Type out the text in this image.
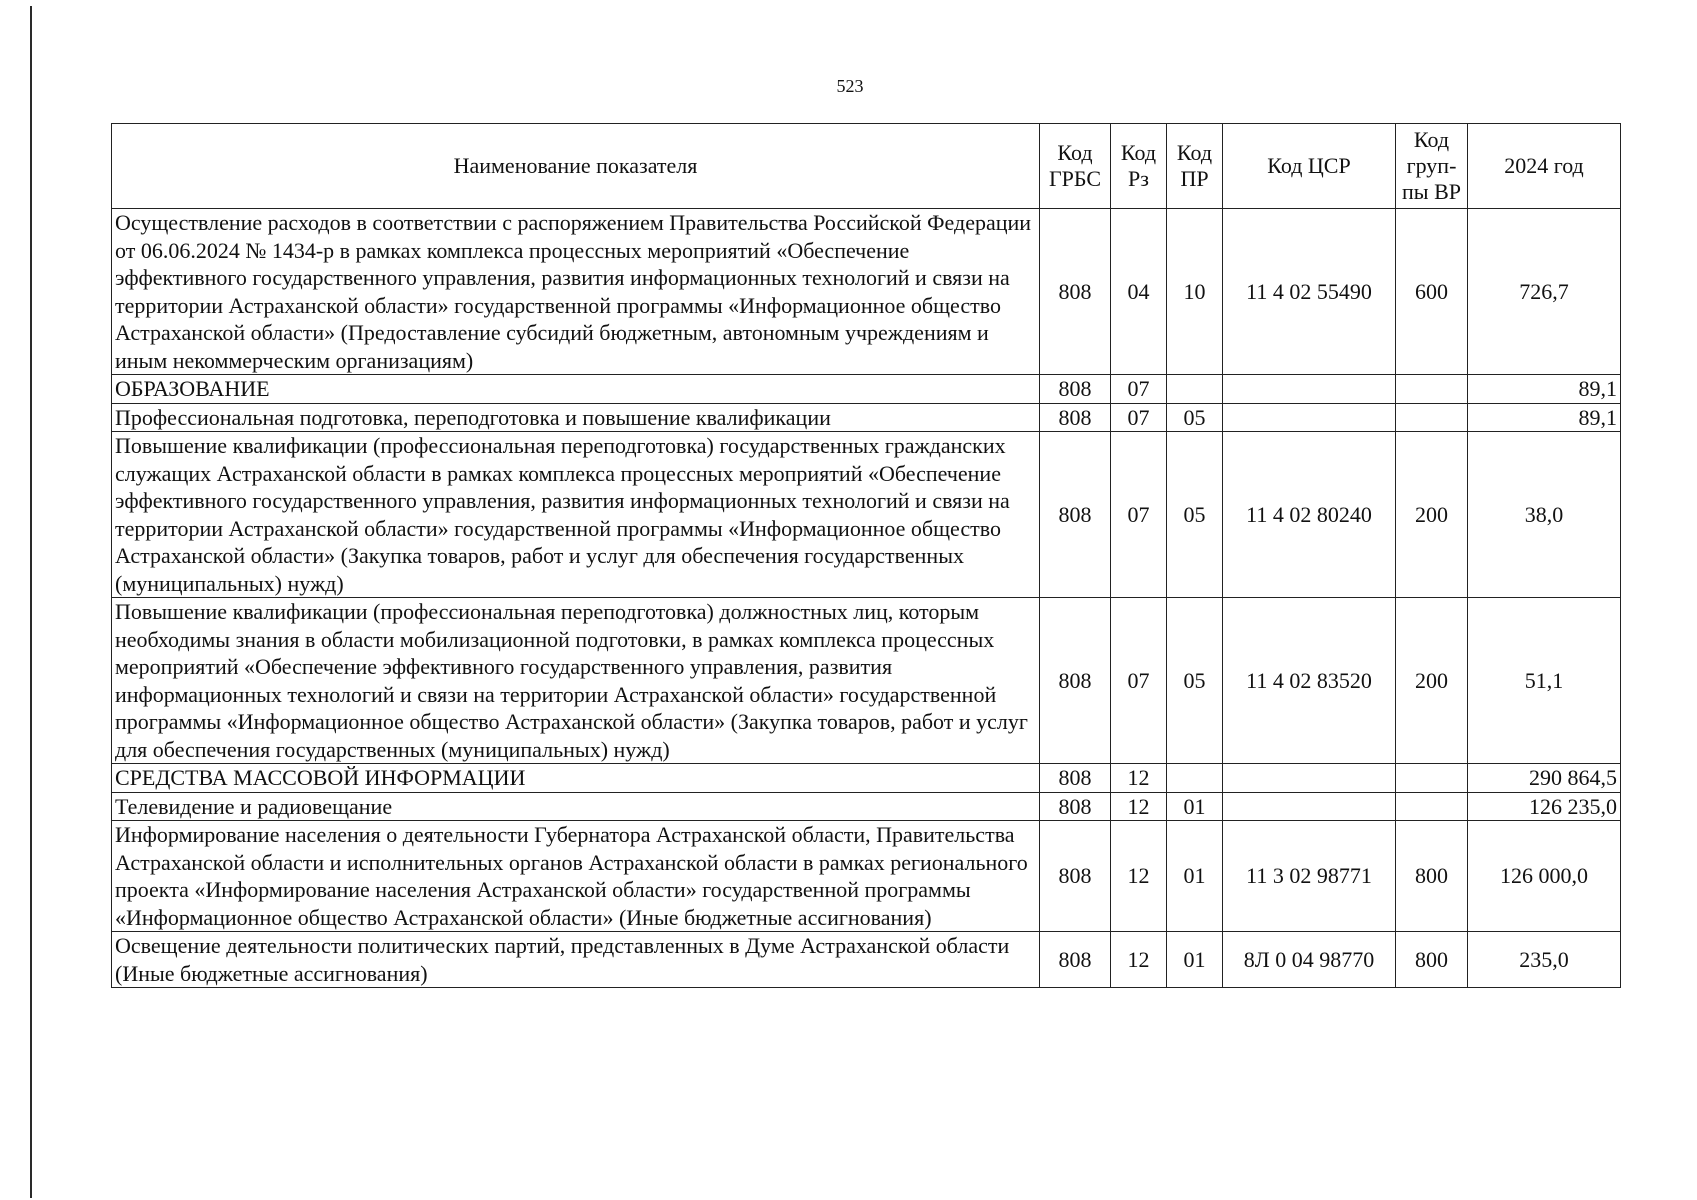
523
Наименование показателя	Код ГРБС	Код Рз	Код ПР	Код ЦСР	Код груп-пы ВР	2024 год
Осуществление расходов в соответствии с распоряжением Правительства Российской Федерации от 06.06.2024 № 1434-р в рамках комплекса процессных мероприятий «Обеспечение эффективного государственного управления, развития информационных технологий и связи на территории Астраханской области» государственной программы «Информационное общество Астраханской области» (Предоставление субсидий бюджетным, автономным учреждениям и иным некоммерческим организациям)	808	04	10	11 4 02 55490	600	726,7
ОБРАЗОВАНИЕ	808	07				89,1
Профессиональная подготовка, переподготовка и повышение квалификации	808	07	05			89,1
Повышение квалификации (профессиональная переподготовка) государственных гражданских служащих Астраханской области в рамках комплекса процессных мероприятий «Обеспечение эффективного государственного управления, развития информационных технологий и связи на территории Астраханской области» государственной программы «Информационное общество Астраханской области» (Закупка товаров, работ и услуг для обеспечения государственных (муниципальных) нужд)	808	07	05	11 4 02 80240	200	38,0
Повышение квалификации (профессиональная переподготовка) должностных лиц, которым необходимы знания в области мобилизационной подготовки, в рамках комплекса процессных мероприятий «Обеспечение эффективного государственного управления, развития информационных технологий и связи на территории Астраханской области» государственной программы «Информационное общество Астраханской области» (Закупка товаров, работ и услуг для обеспечения государственных (муниципальных) нужд)	808	07	05	11 4 02 83520	200	51,1
СРЕДСТВА МАССОВОЙ ИНФОРМАЦИИ	808	12				290 864,5
Телевидение и радиовещание	808	12	01			126 235,0
Информирование населения о деятельности Губернатора Астраханской области, Правительства Астраханской области и исполнительных органов Астраханской области в рамках регионального проекта «Информирование населения Астраханской области» государственной программы «Информационное общество Астраханской области» (Иные бюджетные ассигнования)	808	12	01	11 3 02 98771	800	126 000,0
Освещение деятельности политических партий, представленных в Думе Астраханской области (Иные бюджетные ассигнования)	808	12	01	8Л 0 04 98770	800	235,0
